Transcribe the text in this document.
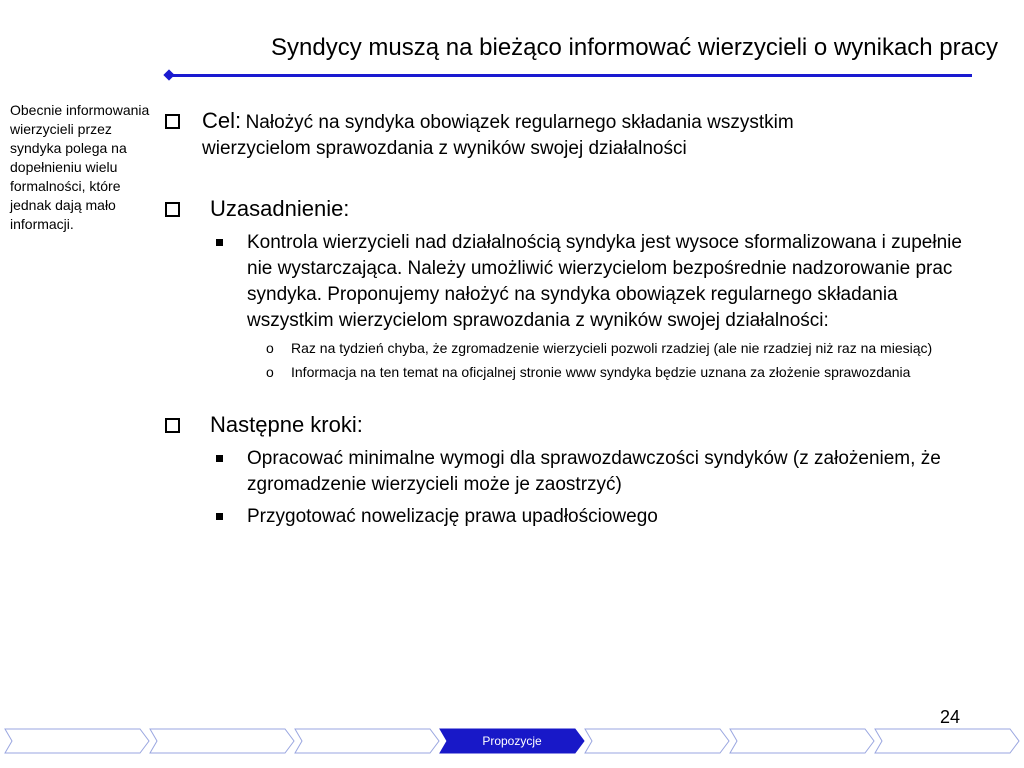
Syndycy muszą na bieżąco informować wierzycieli o wynikach pracy
Obecnie informowania wierzycieli przez syndyka polega na dopełnieniu wielu formalności, które jednak dają mało informacji.
Cel: Nałożyć na syndyka obowiązek regularnego składania wszystkim
wierzycielom sprawozdania z wyników swojej działalności
Uzasadnienie:
Kontrola wierzycieli nad działalnością syndyka jest wysoce sformalizowana i zupełnie nie wystarczająca. Należy umożliwić wierzycielom bezpośrednie nadzorowanie prac syndyka. Proponujemy nałożyć na syndyka obowiązek regularnego składania wszystkim wierzycielom sprawozdania z wyników swojej działalności:
o Raz na tydzień chyba, że zgromadzenie wierzycieli pozwoli rzadziej (ale nie rzadziej niż raz na miesiąc)
o Informacja na ten temat na oficjalnej stronie www syndyka będzie uznana za złożenie sprawozdania
Następne kroki:
Opracować minimalne wymogi dla sprawozdawczości syndyków (z założeniem, że zgromadzenie wierzycieli może je zaostrzyć)
Przygotować nowelizację prawa upadłościowego
24
Propozycje
